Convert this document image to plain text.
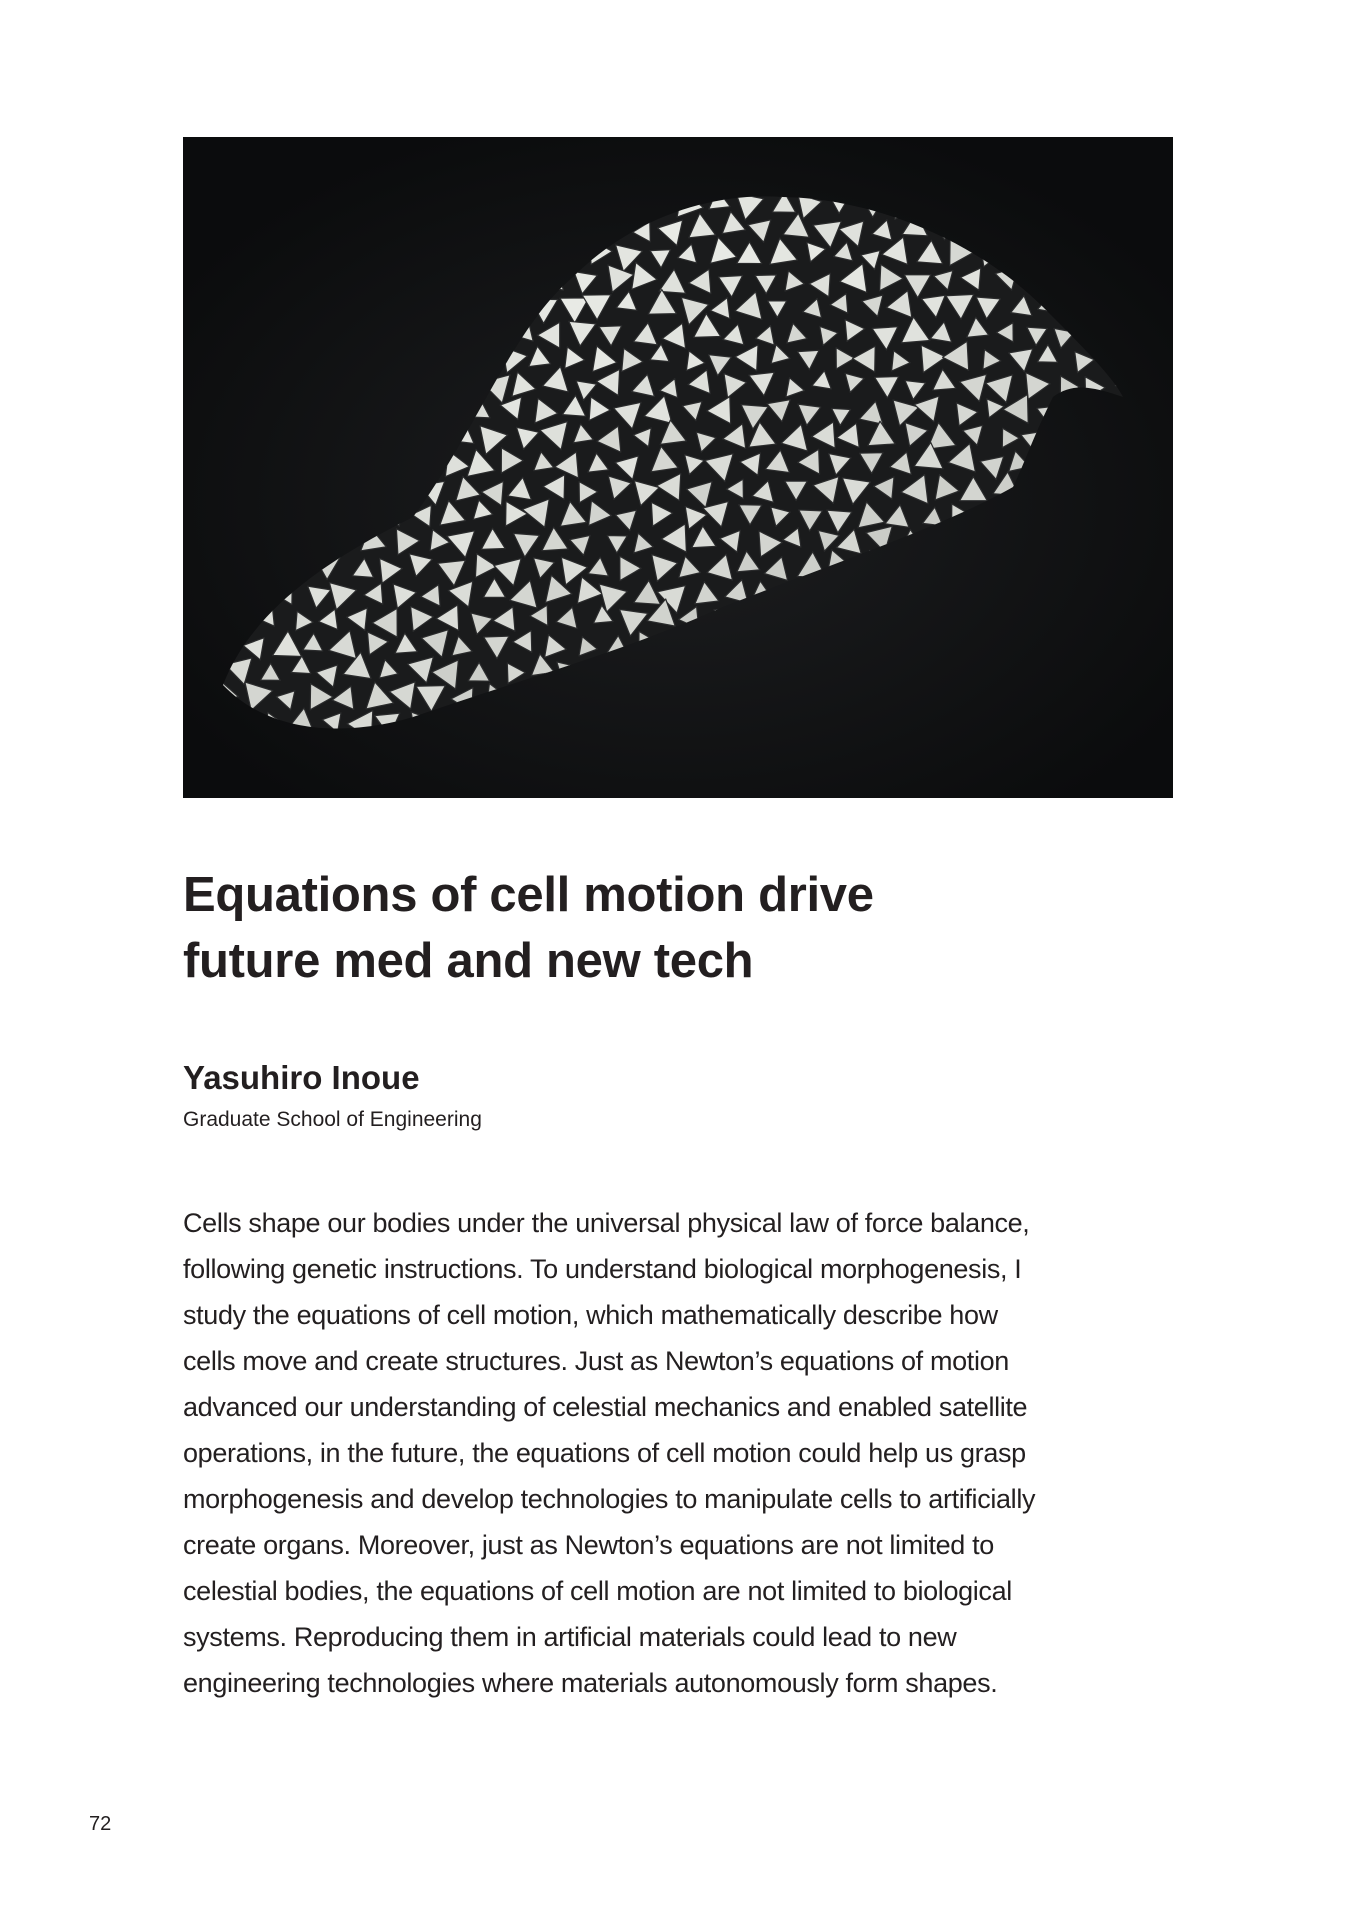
Equations of cell motion drive
future med and new tech

Yasuhiro Inoue

Graduate School of Engineering

Cells shape our bodies under the universal physical law of force balance,
following genetic instructions. To understand biological morphogenesis, I
study the equations of cell motion, which mathematically describe how
cells move and create structures. Just as Newton’s equations of motion
advanced our understanding of celestial mechanics and enabled satellite
operations, in the future, the equations of cell motion could help us grasp
morphogenesis and develop technologies to manipulate cells to artificially
create organs. Moreover, just as Newton’s equations are not limited to
celestial bodies, the equations of cell motion are not limited to biological
systems. Reproducing them in artificial materials could lead to new
engineering technologies where materials autonomously form shapes.
72
